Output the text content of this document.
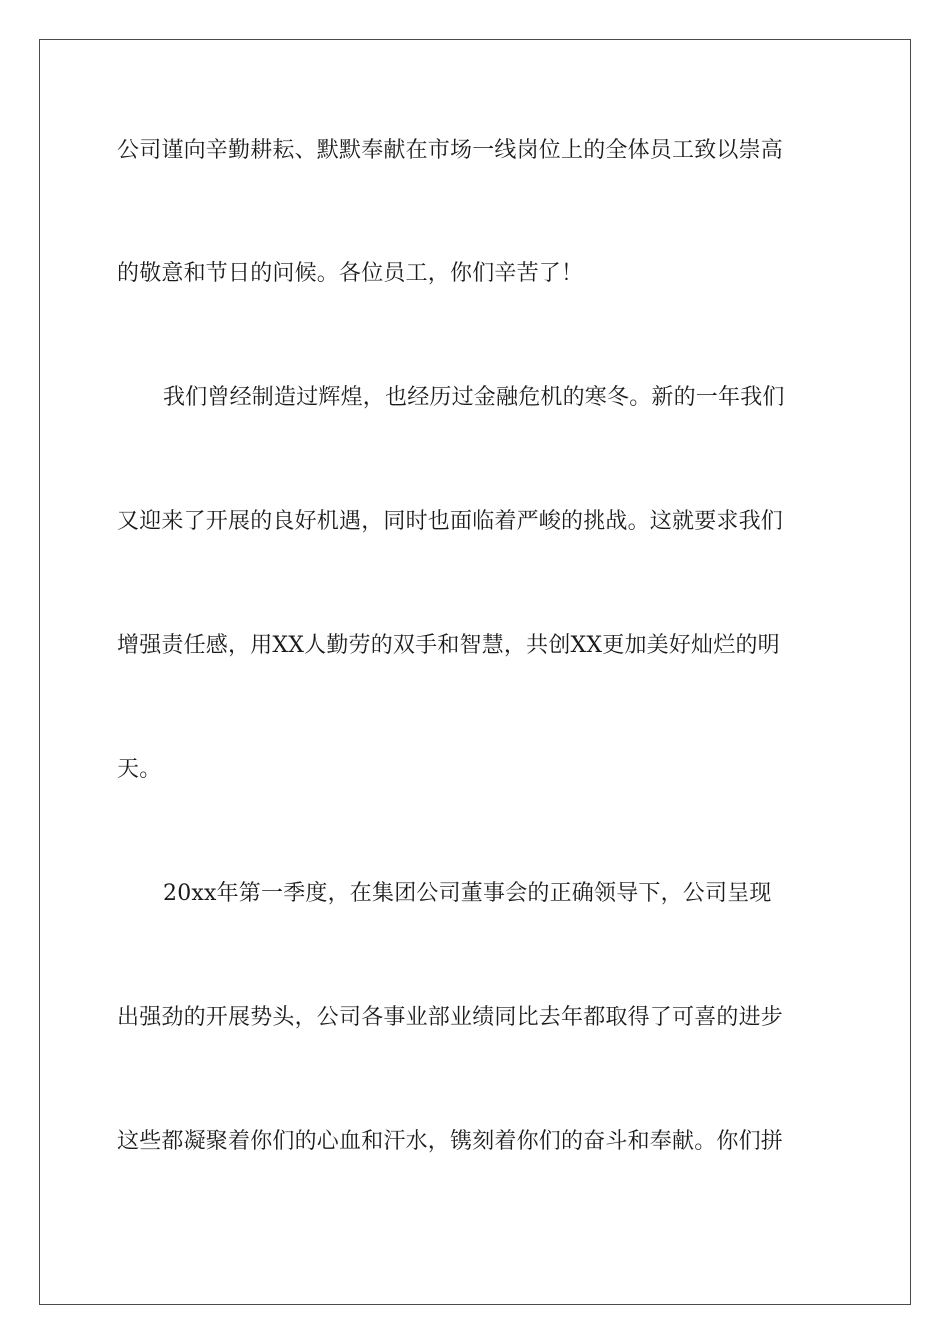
公司谨向辛勤耕耘、默默奉献在市场一线岗位上的全体员工致以崇高

的敬意和节日的问候。各位员工，你们辛苦了！

我们曾经制造过辉煌，也经历过金融危机的寒冬。新的一年我们

又迎来了开展的良好机遇，同时也面临着严峻的挑战。这就要求我们

增强责任感，用XX人勤劳的双手和智慧，共创XX更加美好灿烂的明

天。

20xx年第一季度，在集团公司董事会的正确领导下，公司呈现

出强劲的开展势头，公司各事业部业绩同比去年都取得了可喜的进步

这些都凝聚着你们的心血和汗水，镌刻着你们的奋斗和奉献。你们拼
